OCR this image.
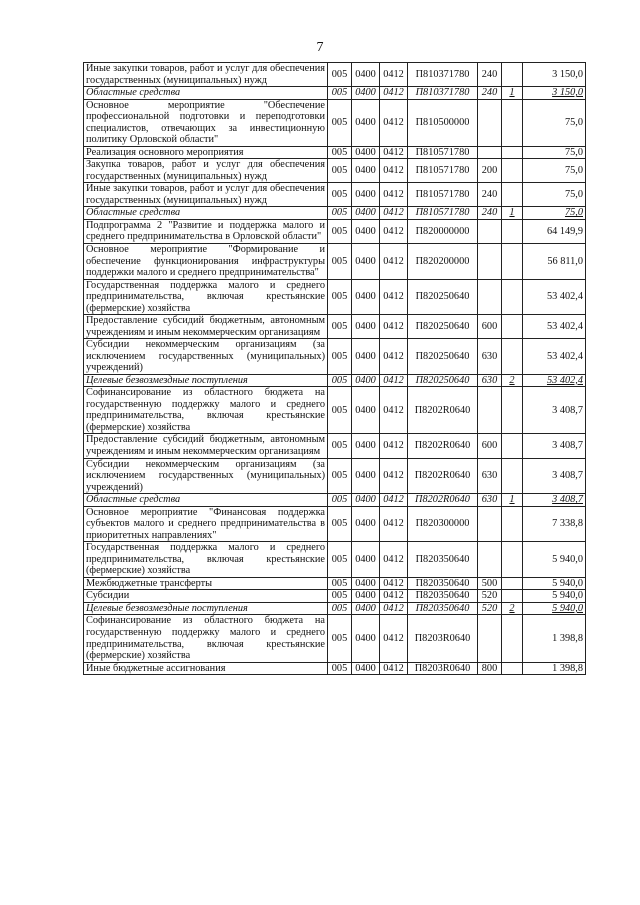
7
Иные закупки товаров, работ и услуг для обеспечения государственных (муниципальных) нужд	005	0400	0412	П810371780	240		3 150,0
Областные средства	005	0400	0412	П810371780	240	1	3 150,0
Основное мероприятие "Обеспечение профессиональной подготовки и переподготовки специалистов, отвечающих за инвестиционную политику Орловской области"	005	0400	0412	П810500000			75,0
Реализация основного мероприятия	005	0400	0412	П810571780			75,0
Закупка товаров, работ и услуг для обеспечения государственных (муниципальных) нужд	005	0400	0412	П810571780	200		75,0
Иные закупки товаров, работ и услуг для обеспечения государственных (муниципальных) нужд	005	0400	0412	П810571780	240		75,0
Областные средства	005	0400	0412	П810571780	240	1	75,0
Подпрограмма 2 "Развитие и поддержка малого и среднего предпринимательства в Орловской области"	005	0400	0412	П820000000			64 149,9
Основное мероприятие "Формирование и обеспечение функционирования инфраструктуры поддержки малого и среднего предпринимательства"	005	0400	0412	П820200000			56 811,0
Государственная поддержка малого и среднего предпринимательства, включая крестьянские (фермерские) хозяйства	005	0400	0412	П820250640			53 402,4
Предоставление субсидий бюджетным, автономным учреждениям и иным некоммерческим организациям	005	0400	0412	П820250640	600		53 402,4
Субсидии некоммерческим организациям (за исключением государственных (муниципальных) учреждений)	005	0400	0412	П820250640	630		53 402,4
Целевые безвозмездные поступления	005	0400	0412	П820250640	630	2	53 402,4
Софинансирование из областного бюджета на государственную поддержку малого и среднего предпринимательства, включая крестьянские (фермерские) хозяйства	005	0400	0412	П8202R0640			3 408,7
Предоставление субсидий бюджетным, автономным учреждениям и иным некоммерческим организациям	005	0400	0412	П8202R0640	600		3 408,7
Субсидии некоммерческим организациям (за исключением государственных (муниципальных) учреждений)	005	0400	0412	П8202R0640	630		3 408,7
Областные средства	005	0400	0412	П8202R0640	630	1	3 408,7
Основное мероприятие "Финансовая поддержка субъектов малого и среднего предпринимательства в приоритетных направлениях"	005	0400	0412	П820300000			7 338,8
Государственная поддержка малого и среднего предпринимательства, включая крестьянские (фермерские) хозяйства	005	0400	0412	П820350640			5 940,0
Межбюджетные трансферты	005	0400	0412	П820350640	500		5 940,0
Субсидии	005	0400	0412	П820350640	520		5 940,0
Целевые безвозмездные поступления	005	0400	0412	П820350640	520	2	5 940,0
Софинансирование из областного бюджета на государственную поддержку малого и среднего предпринимательства, включая крестьянские (фермерские) хозяйства	005	0400	0412	П8203R0640			1 398,8
Иные бюджетные ассигнования	005	0400	0412	П8203R0640	800		1 398,8
